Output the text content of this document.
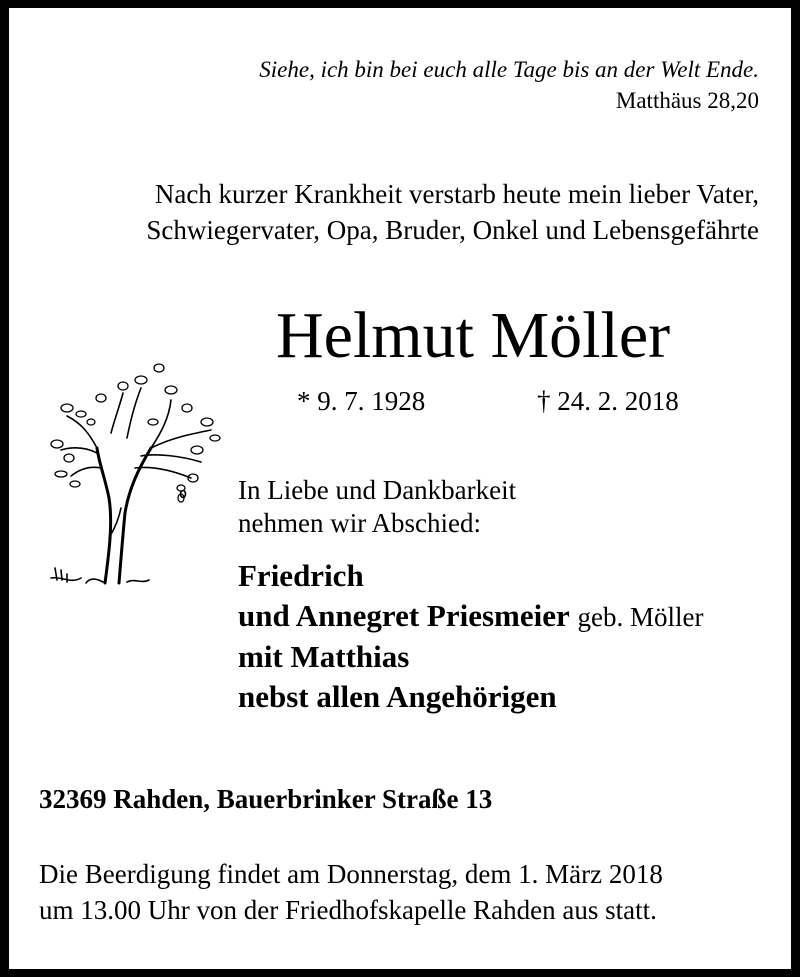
Siehe, ich bin bei euch alle Tage bis an der Welt Ende.
Matthäus 28,20
Nach kurzer Krankheit verstarb heute mein lieber Vater,
Schwiegervater, Opa, Bruder, Onkel und Lebensgefährte
Helmut Möller
* 9. 7. 1928	† 24. 2. 2018
In Liebe und Dankbarkeit
nehmen wir Abschied:
Friedrich
und Annegret Priesmeier geb. Möller
mit Matthias
nebst allen Angehörigen
32369 Rahden, Bauerbrinker Straße 13
Die Beerdigung findet am Donnerstag, dem 1. März 2018
um 13.00 Uhr von der Friedhofskapelle Rahden aus statt.
